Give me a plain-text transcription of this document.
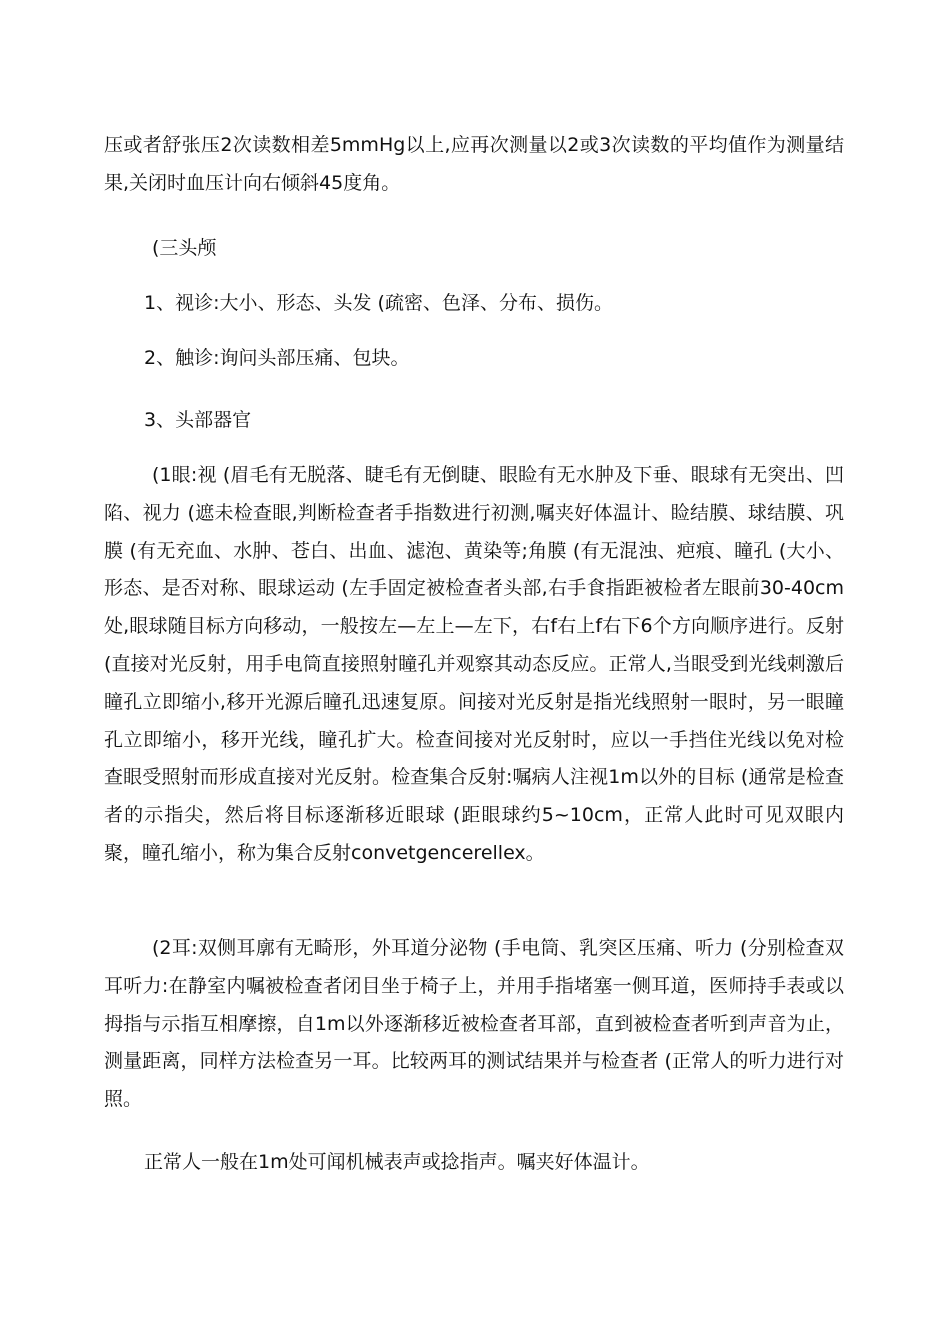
压或者舒张压2次读数相差5mmHg以上,应再次测量以2或3次读数的平均值作为测量结果,关闭时血压计向右倾斜45度角。

(三头颅

1、视诊:大小、形态、头发 (疏密、色泽、分布、损伤。

2、触诊:询问头部压痛、包块。

3、头部器官

(1眼:视 (眉毛有无脱落、睫毛有无倒睫、眼睑有无水肿及下垂、眼球有无突出、凹陷、视力 (遮未检查眼,判断检查者手指数进行初测,嘱夹好体温计、睑结膜、球结膜、巩膜 (有无充血、水肿、苍白、出血、滤泡、黄染等;角膜 (有无混浊、疤痕、瞳孔 (大小、形态、是否对称、眼球运动 (左手固定被检查者头部,右手食指距被检者左眼前30-40cm处,眼球随目标方向移动，一般按左—左上—左下，右f右上f右下6个方向顺序进行。反射 (直接对光反射，用手电筒直接照射瞳孔并观察其动态反应。正常人,当眼受到光线刺激后瞳孔立即缩小,移开光源后瞳孔迅速复原。间接对光反射是指光线照射一眼时，另一眼瞳孔立即缩小，移开光线，瞳孔扩大。检查间接对光反射时，应以一手挡住光线以免对检查眼受照射而形成直接对光反射。检查集合反射:嘱病人注视1m以外的目标 (通常是检查者的示指尖，然后将目标逐渐移近眼球 (距眼球约5~10cm，正常人此时可见双眼内聚，瞳孔缩小，称为集合反射convetgencerellex。

(2耳:双侧耳廓有无畸形，外耳道分泌物 (手电筒、乳突区压痛、听力 (分别检查双耳听力:在静室内嘱被检查者闭目坐于椅子上，并用手指堵塞一侧耳道，医师持手表或以拇指与示指互相摩擦，自1m以外逐渐移近被检查者耳部，直到被检查者听到声音为止，测量距离，同样方法检查另一耳。比较两耳的测试结果并与检查者 (正常人的听力进行对照。

正常人一般在1m处可闻机械表声或捻指声。嘱夹好体温计。
